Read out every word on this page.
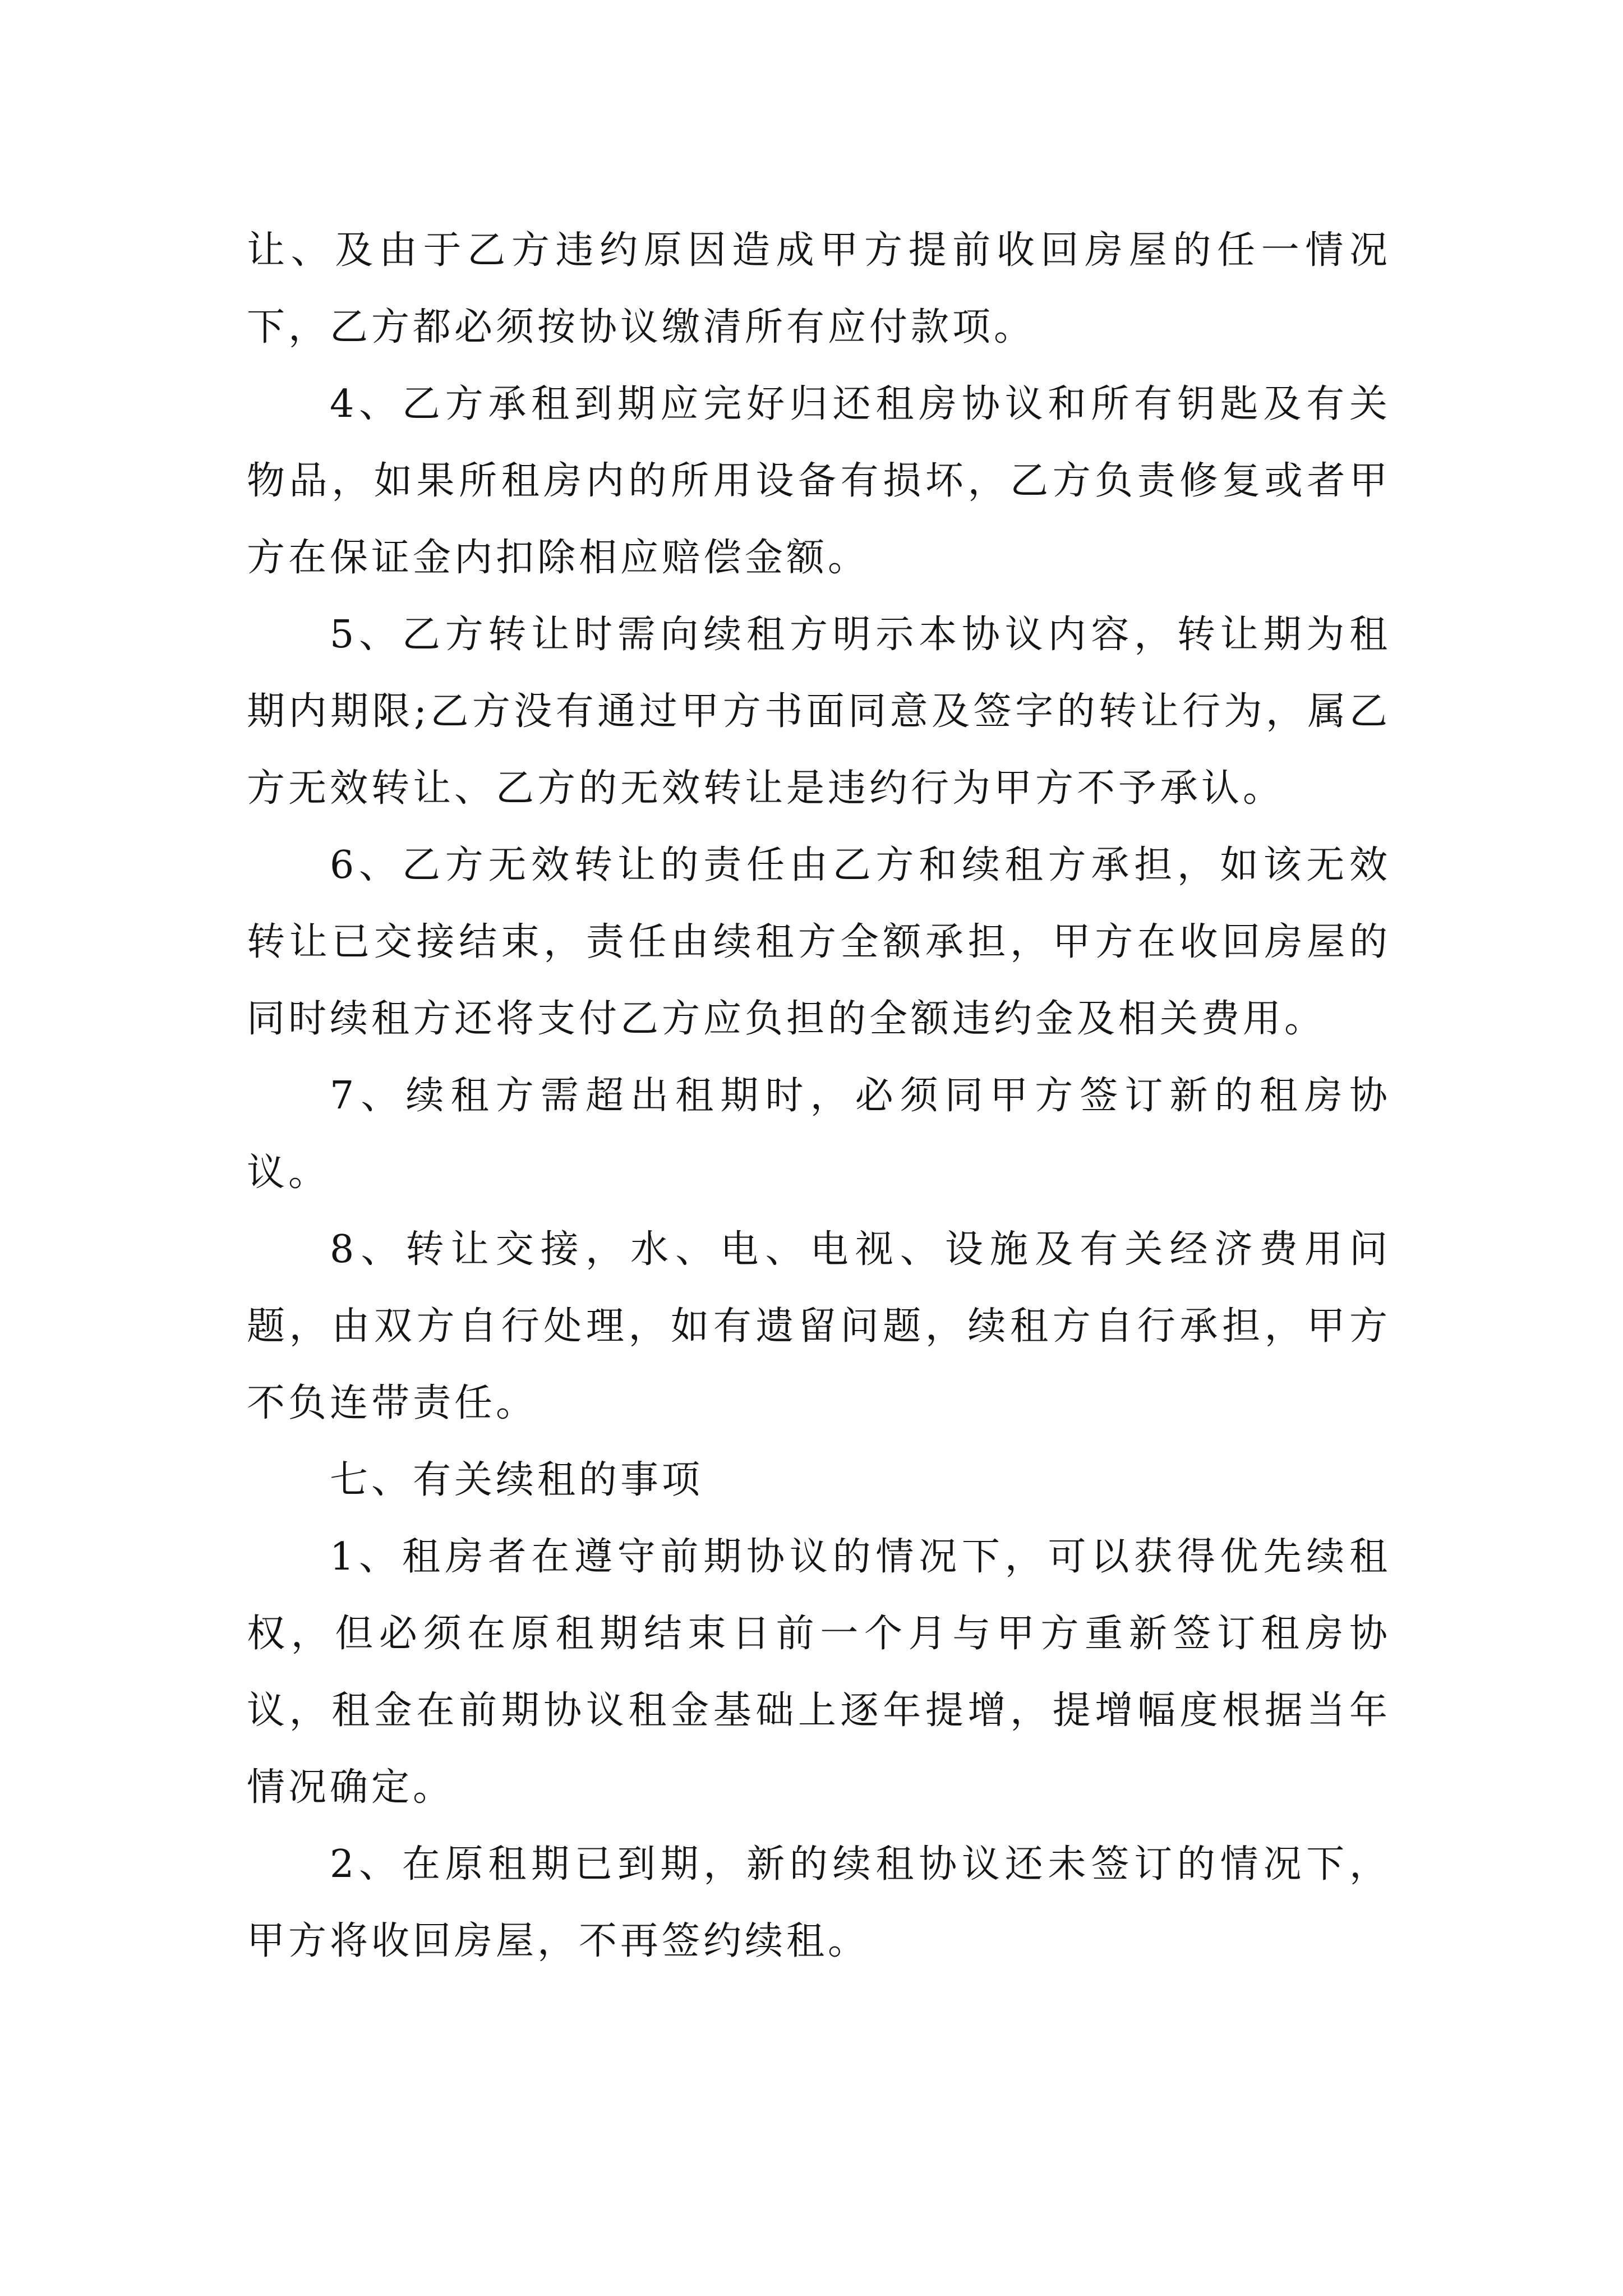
让、及由于乙方违约原因造成甲方提前收回房屋的任一情况下，乙方都必须按协议缴清所有应付款项。

4、乙方承租到期应完好归还租房协议和所有钥匙及有关物品，如果所租房内的所用设备有损坏，乙方负责修复或者甲方在保证金内扣除相应赔偿金额。

5、乙方转让时需向续租方明示本协议内容，转让期为租期内期限;乙方没有通过甲方书面同意及签字的转让行为，属乙方无效转让、乙方的无效转让是违约行为甲方不予承认。

6、乙方无效转让的责任由乙方和续租方承担，如该无效转让已交接结束，责任由续租方全额承担，甲方在收回房屋的同时续租方还将支付乙方应负担的全额违约金及相关费用。

7、续租方需超出租期时，必须同甲方签订新的租房协议。

8、转让交接，水、电、电视、设施及有关经济费用问题，由双方自行处理，如有遗留问题，续租方自行承担，甲方不负连带责任。

七、有关续租的事项

1、租房者在遵守前期协议的情况下，可以获得优先续租权，但必须在原租期结束日前一个月与甲方重新签订租房协议，租金在前期协议租金基础上逐年提增，提增幅度根据当年情况确定。

2、在原租期已到期，新的续租协议还未签订的情况下，甲方将收回房屋，不再签约续租。
